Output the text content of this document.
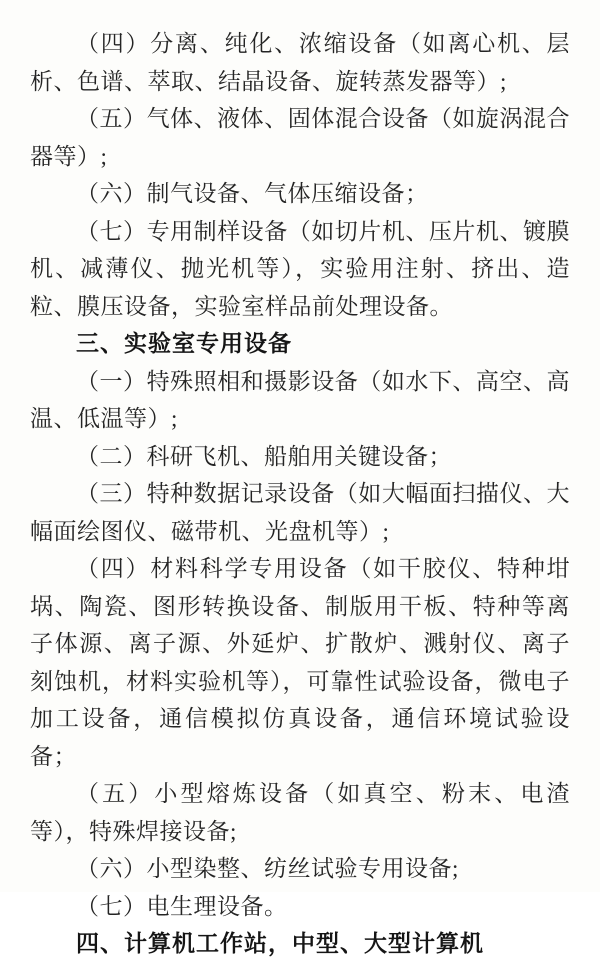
（四）分离、纯化、浓缩设备（如离心机、层析、色谱、萃取、结晶设备、旋转蒸发器等）;

（五）气体、液体、固体混合设备（如旋涡混合器等）;

（六）制气设备、气体压缩设备；

（七）专用制样设备（如切片机、压片机、镀膜机、减薄仪、抛光机等），实验用注射、挤出、造粒、膜压设备，实验室样品前处理设备。

三、实验室专用设备

（一）特殊照相和摄影设备（如水下、高空、高温、低温等）;

（二）科研飞机、船舶用关键设备；

（三）特种数据记录设备（如大幅面扫描仪、大幅面绘图仪、磁带机、光盘机等）;

（四）材料科学专用设备（如干胶仪、特种坩埚、陶瓷、图形转换设备、制版用干板、特种等离子体源、离子源、外延炉、扩散炉、溅射仪、离子刻蚀机，材料实验机等），可靠性试验设备，微电子加工设备，通信模拟仿真设备，通信环境试验设备；

（五）小型熔炼设备（如真空、粉末、电渣等），特殊焊接设备;

（六）小型染整、纺丝试验专用设备;

（七）电生理设备。

四、计算机工作站，中型、大型计算机
